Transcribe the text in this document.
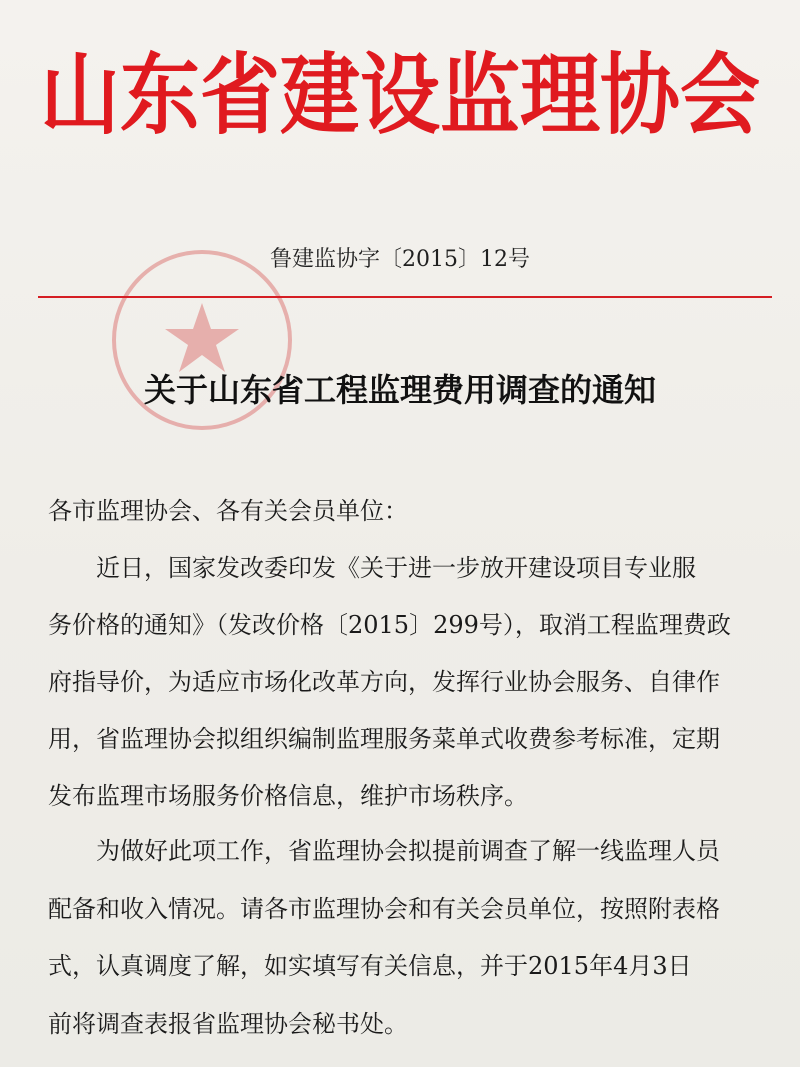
山东省建设监理协会
鲁建监协字〔2015〕12号
关于山东省工程监理费用调查的通知
各市监理协会、各有关会员单位：
近日，国家发改委印发《关于进一步放开建设项目专业服
务价格的通知》（发改价格〔2015〕299号），取消工程监理费政
府指导价，为适应市场化改革方向，发挥行业协会服务、自律作
用，省监理协会拟组织编制监理服务菜单式收费参考标准，定期
发布监理市场服务价格信息，维护市场秩序。
为做好此项工作，省监理协会拟提前调查了解一线监理人员
配备和收入情况。请各市监理协会和有关会员单位，按照附表格
式，认真调度了解，如实填写有关信息，并于2015年4月3日
前将调查表报省监理协会秘书处。
